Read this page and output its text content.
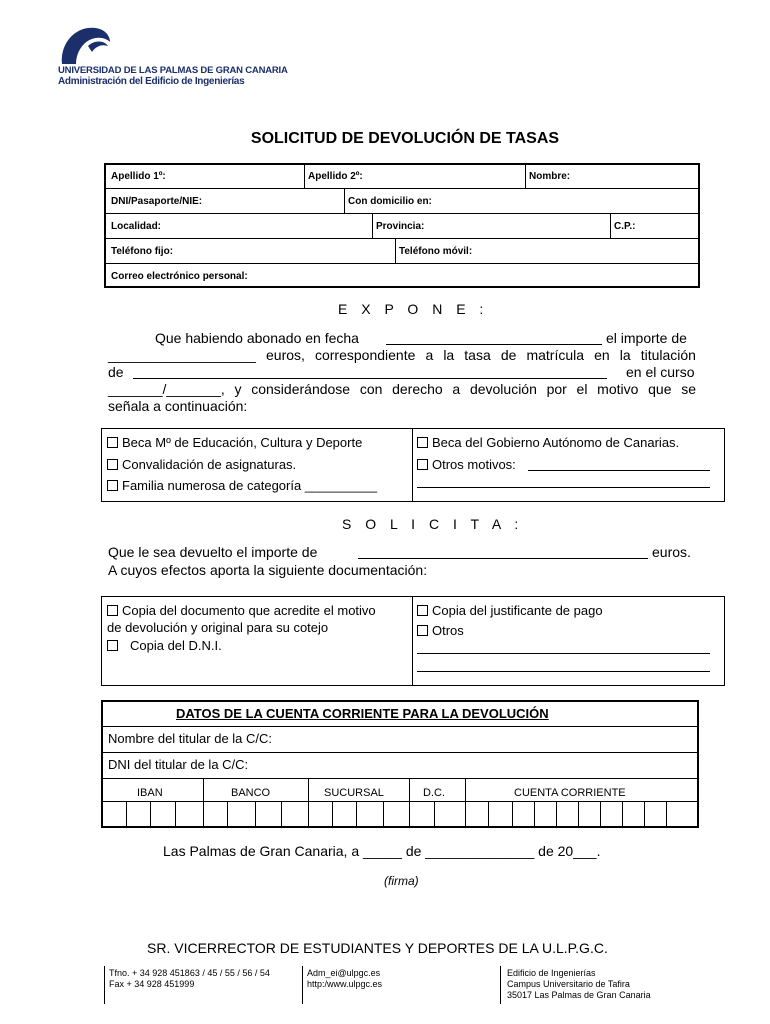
UNIVERSIDAD DE LAS PALMAS DE GRAN CANARIA
Administración del Edificio de Ingenierías
SOLICITUD DE DEVOLUCIÓN DE TASAS
Apellido 1º:	Apellido 2º:	Nombre:
DNI/Pasaporte/NIE:	Con domicilio en:
Localidad:	Provincia:	C.P.:
Teléfono fijo:	Teléfono móvil:
Correo electrónico personal:
E X P O N E :
Que habiendo abonado en fecha	el importe de
___________________ euros, correspondiente a la tasa de matrícula en la titulación
de	en el curso
_______/_______, y considerándose con derecho a devolución por el motivo que se
señala a continuación:
Beca Mº de Educación, Cultura y Deporte
Convalidación de asignaturas.
Familia numerosa de categoría __________
Beca del Gobierno Autónomo de Canarias.
Otros motivos:
S O L I C I T A :
Que le sea devuelto el importe de	euros.
A cuyos efectos aporta la siguiente documentación:
Copia del documento que acredite el motivo
de devolución y original para su cotejo
Copia del D.N.I.
Copia del justificante de pago
Otros
DATOS DE LA CUENTA CORRIENTE PARA LA DEVOLUCIÓN
Nombre del titular de la C/C:
DNI del titular de la C/C:
IBAN	BANCO	SUCURSAL	D.C.	CUENTA CORRIENTE
Las Palmas de Gran Canaria, a _____ de ______________ de 20___.
(firma)
SR. VICERRECTOR DE ESTUDIANTES Y DEPORTES DE LA U.L.P.G.C.
Tfno. + 34 928 451863 / 45 / 55 / 56 / 54
Fax + 34 928 451999
Adm_ei@ulpgc.es
http:/www.ulpgc.es
Edificio de Ingenierías
Campus Universitario de Tafira
35017 Las Palmas de Gran Canaria
